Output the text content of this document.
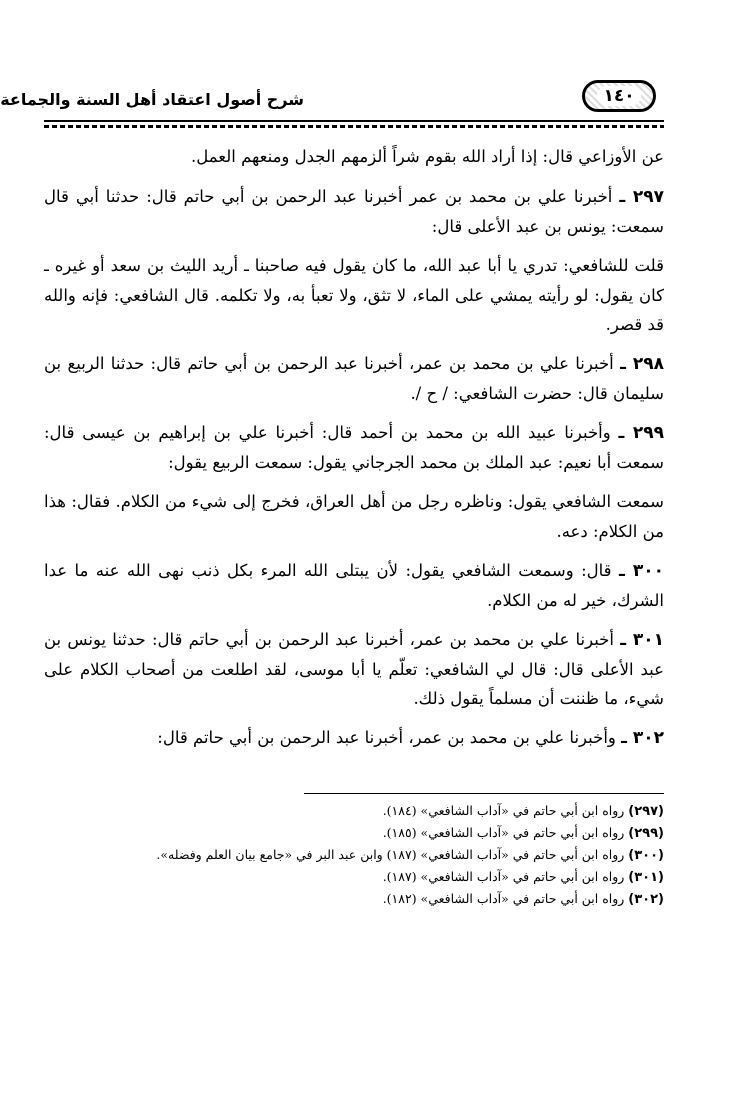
١٤٠
شرح أصول اعتقاد أهل السنة والجماعة

عن الأوزاعي قال: إذا أراد الله بقوم شراً ألزمهم الجدل ومنعهم العمل.

٢٩٧ ـ أخبرنا علي بن محمد بن عمر أخبرنا عبد الرحمن بن أبي حاتم قال: حدثنا أبي قال سمعت: يونس بن عبد الأعلى قال:

قلت للشافعي: تدري يا أبا عبد الله، ما كان يقول فيه صاحبنا ـ أريد الليث بن سعد أو غيره ـ كان يقول: لو رأيته يمشي على الماء، لا تثق، ولا تعبأ به، ولا تكلمه. قال الشافعي: فإنه والله قد قصر.

٢٩٨ ـ أخبرنا علي بن محمد بن عمر، أخبرنا عبد الرحمن بن أبي حاتم قال: حدثنا الربيع بن سليمان قال: حضرت الشافعي: / ح /.

٢٩٩ ـ وأخبرنا عبيد الله بن محمد بن أحمد قال: أخبرنا علي بن إبراهيم بن عيسى قال: سمعت أبا نعيم: عبد الملك بن محمد الجرجاني يقول: سمعت الربيع يقول:

سمعت الشافعي يقول: وناظره رجل من أهل العراق، فخرج إلى شيء من الكلام. فقال: هذا من الكلام: دعه.

٣٠٠ ـ قال: وسمعت الشافعي يقول: لأن يبتلى الله المرء بكل ذنب نهى الله عنه ما عدا الشرك، خير له من الكلام.

٣٠١ ـ أخبرنا علي بن محمد بن عمر، أخبرنا عبد الرحمن بن أبي حاتم قال: حدثنا يونس بن عبد الأعلى قال: قال لي الشافعي: تعلّم يا أبا موسى، لقد اطلعت من أصحاب الكلام على شيء، ما ظننت أن مسلماً يقول ذلك.

٣٠٢ ـ وأخبرنا علي بن محمد بن عمر، أخبرنا عبد الرحمن بن أبي حاتم قال:

(٢٩٧) رواه ابن أبي حاتم في «آداب الشافعي» (١٨٤).
(٢٩٩) رواه ابن أبي حاتم في «آداب الشافعي» (١٨٥).
(٣٠٠) رواه ابن أبي حاتم في «آداب الشافعي» (١٨٧) وابن عبد البر في «جامع بيان العلم وفضله».
(٣٠١) رواه ابن أبي حاتم في «آداب الشافعي» (١٨٧).
(٣٠٢) رواه ابن أبي حاتم في «آداب الشافعي» (١٨٢).
